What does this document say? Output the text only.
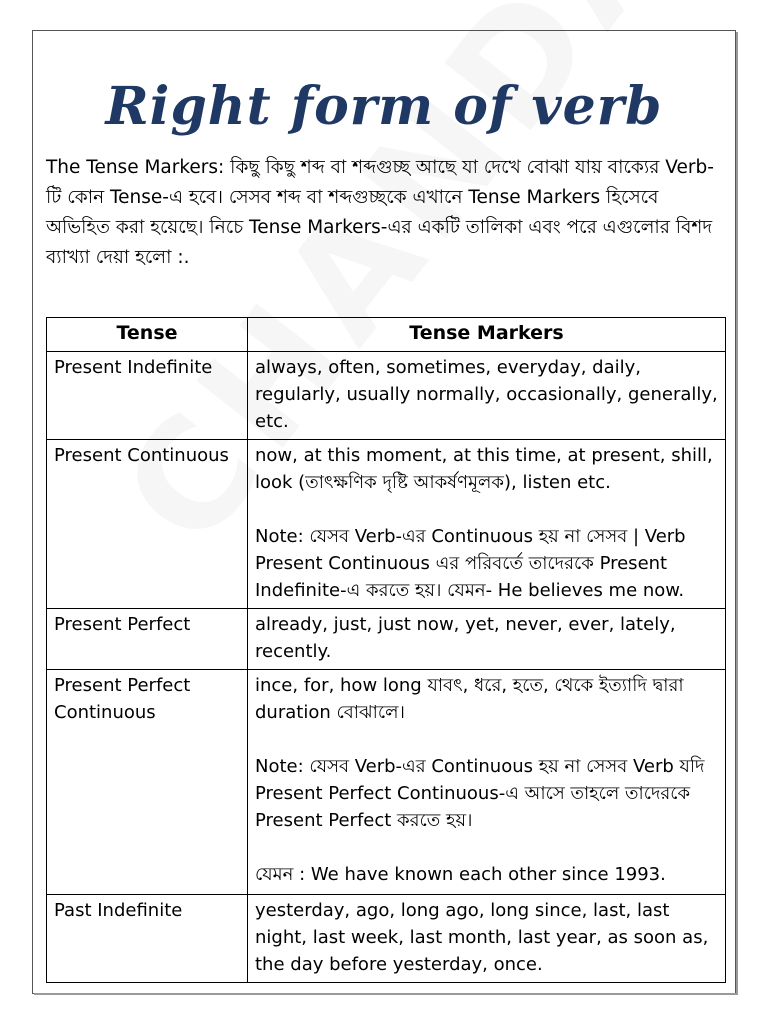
Right form of verb
The Tense Markers: কিছু কিছু শব্দ বা শব্দগুচ্ছ আছে যা দেখে বোঝা যায় বাক্যের Verb-টি কোন Tense-এ হবে। সেসব শব্দ বা শব্দগুচ্ছকে এখানে Tense Markers হিসেবে অভিহিত করা হয়েছে। নিচে Tense Markers-এর একটি তালিকা এবং পরে এগুলোর বিশদ ব্যাখ্যা দেয়া হলো :.
Tense	Tense Markers
Present Indefinite	always, often, sometimes, everyday, daily, regularly, usually normally, occasionally, generally, etc.
Present Continuous	now, at this moment, at this time, at present, shill, look (তাৎক্ষণিক দৃষ্টি আকর্ষণমূলক), listen etc.
Note: যেসব Verb-এর Continuous হয় না সেসব | Verb Present Continuous এর পরিবর্তে তাদেরকে Present Indefinite-এ করতে হয়। যেমন- He believes me now.

Present Perfect	already, just, just now, yet, never, ever, lately, recently.
Present Perfect Continuous	ince, for, how long যাবৎ, ধরে, হতে, থেকে ইত্যাদি দ্বারা duration বোঝালে।
Note: যেসব Verb-এর Continuous হয় না সেসব Verb যদি Present Perfect Continuous-এ আসে তাহলে তাদেরকে Present Perfect করতে হয়।
যেমন : We have known each other since 1993.

Past Indefinite	yesterday, ago, long ago, long since, last, last night, last week, last month, last year, as soon as, the day before yesterday, once.
